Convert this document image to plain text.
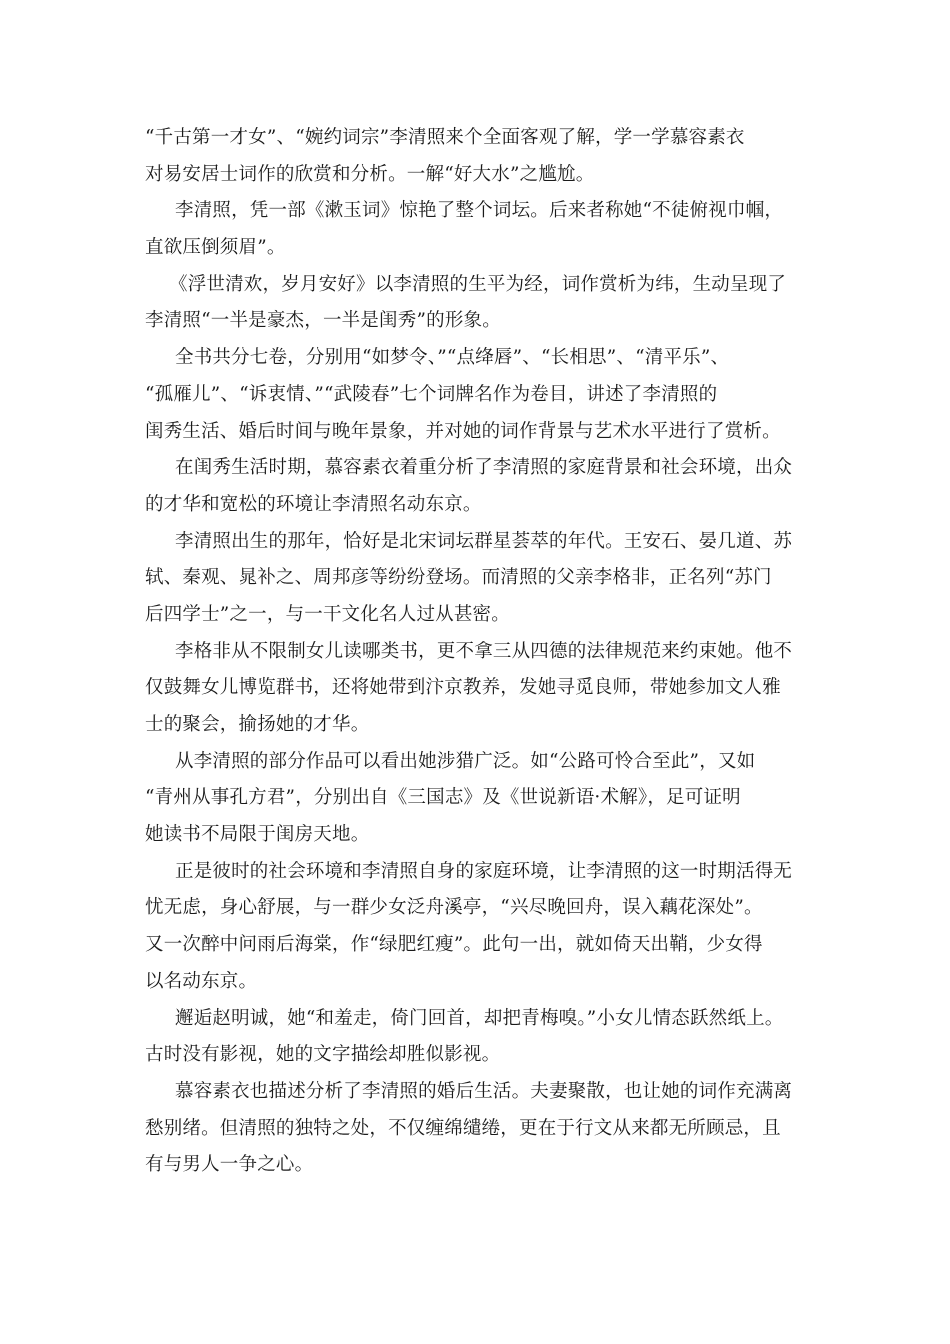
“千古第一才女”、“婉约词宗”李清照来个全面客观了解，学一学慕容素衣
对易安居士词作的欣赏和分析。一解“好大水”之尴尬。
李清照，凭一部《漱玉词》惊艳了整个词坛。后来者称她“不徒俯视巾帼，
直欲压倒须眉”。
《浮世清欢，岁月安好》以李清照的生平为经，词作赏析为纬，生动呈现了
李清照“一半是豪杰，一半是闺秀”的形象。
全书共分七卷，分别用“如梦令、”“点绛唇”、“长相思”、“清平乐”、
“孤雁儿”、“诉衷情、”“武陵春”七个词牌名作为卷目，讲述了李清照的
闺秀生活、婚后时间与晚年景象，并对她的词作背景与艺术水平进行了赏析。
在闺秀生活时期，慕容素衣着重分析了李清照的家庭背景和社会环境，出众
的才华和宽松的环境让李清照名动东京。
李清照出生的那年，恰好是北宋词坛群星荟萃的年代。王安石、晏几道、苏
轼、秦观、晁补之、周邦彦等纷纷登场。而清照的父亲李格非，正名列“苏门
后四学士”之一，与一干文化名人过从甚密。
李格非从不限制女儿读哪类书，更不拿三从四德的法律规范来约束她。他不
仅鼓舞女儿博览群书，还将她带到汴京教养，发她寻觅良师，带她参加文人雅
士的聚会，揄扬她的才华。
从李清照的部分作品可以看出她涉猎广泛。如“公路可怜合至此”，又如
“青州从事孔方君”，分别出自《三国志》及《世说新语·术解》，足可证明
她读书不局限于闺房天地。
正是彼时的社会环境和李清照自身的家庭环境，让李清照的这一时期活得无
忧无虑，身心舒展，与一群少女泛舟溪亭，“兴尽晚回舟，误入藕花深处”。
又一次醉中问雨后海棠，作“绿肥红瘦”。此句一出，就如倚天出鞘，少女得
以名动东京。
邂逅赵明诚，她“和羞走，倚门回首，却把青梅嗅。”小女儿情态跃然纸上。
古时没有影视，她的文字描绘却胜似影视。
慕容素衣也描述分析了李清照的婚后生活。夫妻聚散，也让她的词作充满离
愁别绪。但清照的独特之处，不仅缠绵缱绻，更在于行文从来都无所顾忌，且
有与男人一争之心。
